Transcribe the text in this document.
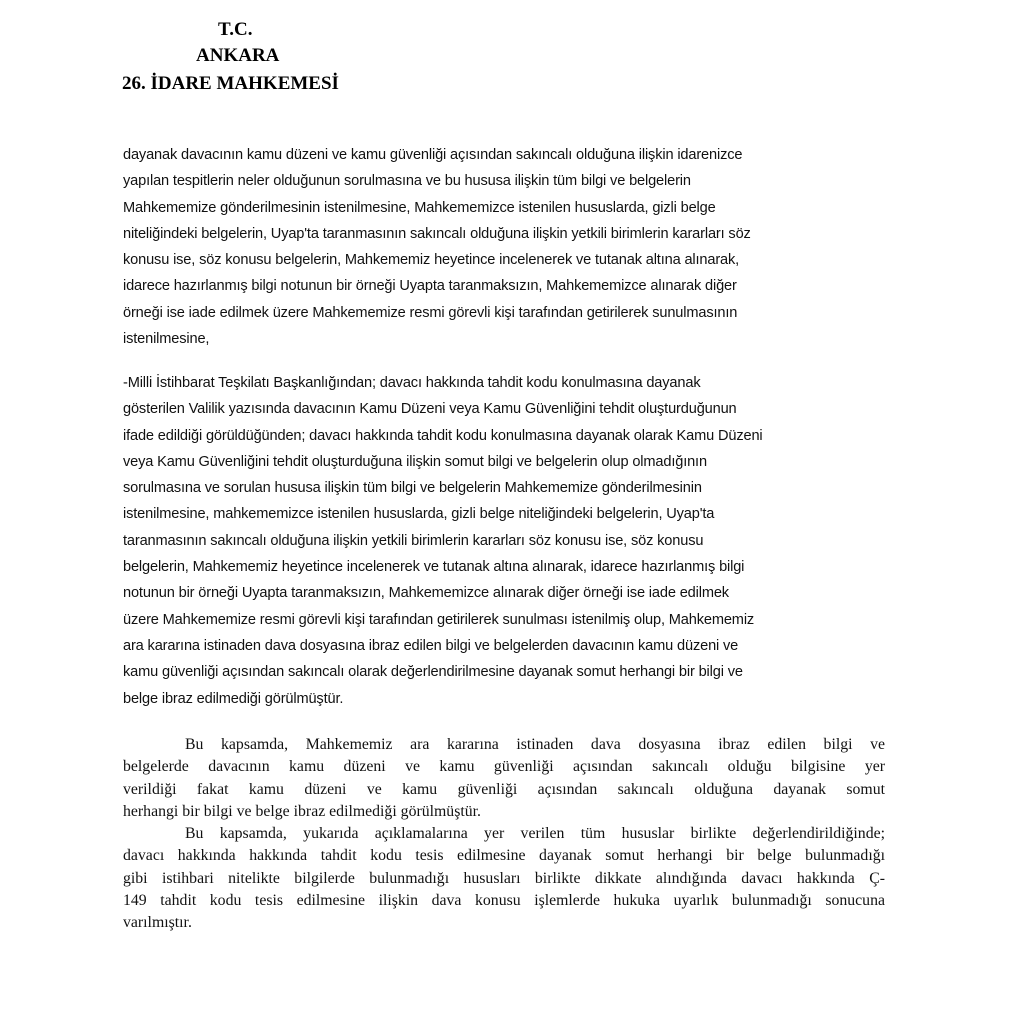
T.C.
ANKARA
26. İDARE MAHKEMESİ
dayanak davacının kamu düzeni ve kamu güvenliği açısından sakıncalı olduğuna ilişkin idarenizce
yapılan tespitlerin neler olduğunun sorulmasına ve bu hususa ilişkin tüm bilgi ve belgelerin
Mahkememize gönderilmesinin istenilmesine, Mahkememizce istenilen hususlarda, gizli belge
niteliğindeki belgelerin, Uyap'ta taranmasının sakıncalı olduğuna ilişkin yetkili birimlerin kararları söz
konusu ise, söz konusu belgelerin, Mahkememiz heyetince incelenerek ve tutanak altına alınarak,
idarece hazırlanmış bilgi notunun bir örneği Uyapta taranmaksızın, Mahkememizce alınarak diğer
örneği ise iade edilmek üzere Mahkememize resmi görevli kişi tarafından getirilerek sunulmasının
istenilmesine,
-Milli İstihbarat Teşkilatı Başkanlığından; davacı hakkında tahdit kodu konulmasına dayanak
gösterilen Valilik yazısında davacının Kamu Düzeni veya Kamu Güvenliğini tehdit oluşturduğunun
ifade edildiği görüldüğünden; davacı hakkında tahdit kodu konulmasına dayanak olarak Kamu Düzeni
veya Kamu Güvenliğini tehdit oluşturduğuna ilişkin somut bilgi ve belgelerin olup olmadığının
sorulmasına ve sorulan hususa ilişkin tüm bilgi ve belgelerin Mahkememize gönderilmesinin
istenilmesine, mahkememizce istenilen hususlarda, gizli belge niteliğindeki belgelerin, Uyap'ta
taranmasının sakıncalı olduğuna ilişkin yetkili birimlerin kararları söz konusu ise, söz konusu
belgelerin, Mahkememiz heyetince incelenerek ve tutanak altına alınarak, idarece hazırlanmış bilgi
notunun bir örneği Uyapta taranmaksızın, Mahkememizce alınarak diğer örneği ise iade edilmek
üzere Mahkememize resmi görevli kişi tarafından getirilerek sunulması istenilmiş olup, Mahkememiz
ara kararına istinaden dava dosyasına ibraz edilen bilgi ve belgelerden davacının kamu düzeni ve
kamu güvenliği açısından sakıncalı olarak değerlendirilmesine dayanak somut herhangi bir bilgi ve
belge ibraz edilmediği görülmüştür.
Bu kapsamda, Mahkememiz ara kararına istinaden dava dosyasına ibraz edilen bilgi ve
belgelerde davacının kamu düzeni ve kamu güvenliği açısından sakıncalı olduğu bilgisine yer
verildiği fakat kamu düzeni ve kamu güvenliği açısından sakıncalı olduğuna dayanak somut
herhangi bir bilgi ve belge ibraz edilmediği görülmüştür.
Bu kapsamda, yukarıda açıklamalarına yer verilen tüm hususlar birlikte değerlendirildiğinde;
davacı hakkında hakkında tahdit kodu tesis edilmesine dayanak somut herhangi bir belge bulunmadığı
gibi istihbari nitelikte bilgilerde bulunmadığı hususları birlikte dikkate alındığında davacı hakkında Ç-
149 tahdit kodu tesis edilmesine ilişkin dava konusu işlemlerde hukuka uyarlık bulunmadığı sonucuna
varılmıştır.
